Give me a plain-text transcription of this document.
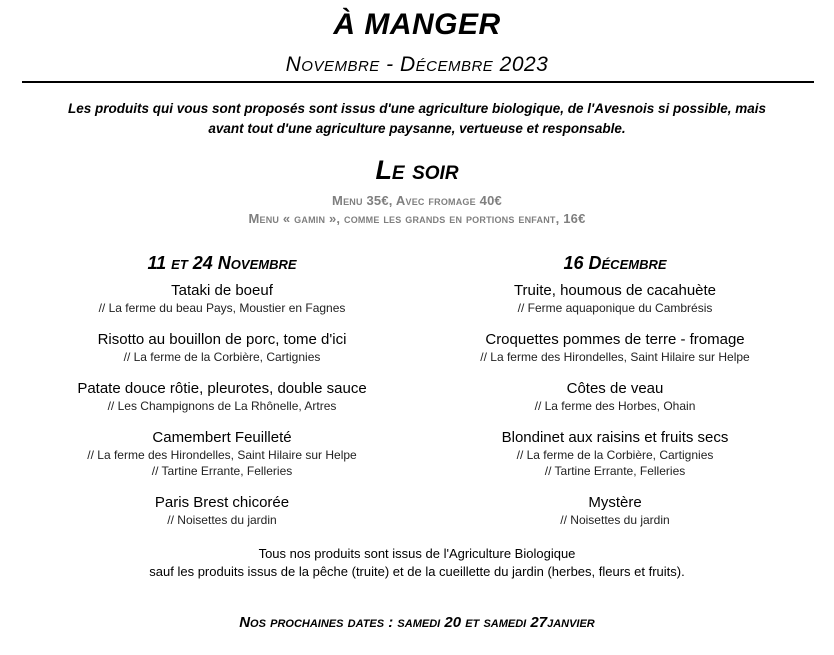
À MANGER
Novembre - Décembre 2023
Les produits qui vous sont proposés sont issus d'une agriculture biologique, de l'Avesnois si possible, mais
avant tout d'une agriculture paysanne, vertueuse et responsable.
Le soir
Menu 35€, Avec fromage 40€
Menu « gamin », comme les grands en portions enfant, 16€
11 et 24 Novembre
Tataki de boeuf
// La ferme du beau Pays, Moustier en Fagnes
Risotto au bouillon de porc, tome d'ici
// La ferme de la Corbière, Cartignies
Patate douce rôtie, pleurotes, double sauce
// Les Champignons de La Rhônelle, Artres
Camembert Feuilleté
// La ferme des Hirondelles, Saint Hilaire sur Helpe
// Tartine Errante, Felleries
Paris Brest chicorée
// Noisettes du jardin
16 Décembre
Truite, houmous de cacahuète
// Ferme aquaponique du Cambrésis
Croquettes pommes de terre - fromage
// La ferme des Hirondelles, Saint Hilaire sur Helpe
Côtes de veau
// La ferme des Horbes, Ohain
Blondinet aux raisins et fruits secs
// La ferme de la Corbière, Cartignies
// Tartine Errante, Felleries
Mystère
// Noisettes du jardin
Tous nos produits sont issus de l'Agriculture Biologique
sauf les produits issus de la pêche (truite) et de la cueillette du jardin (herbes, fleurs et fruits).
Nos prochaines dates : samedi 20 et samedi 27janvier
